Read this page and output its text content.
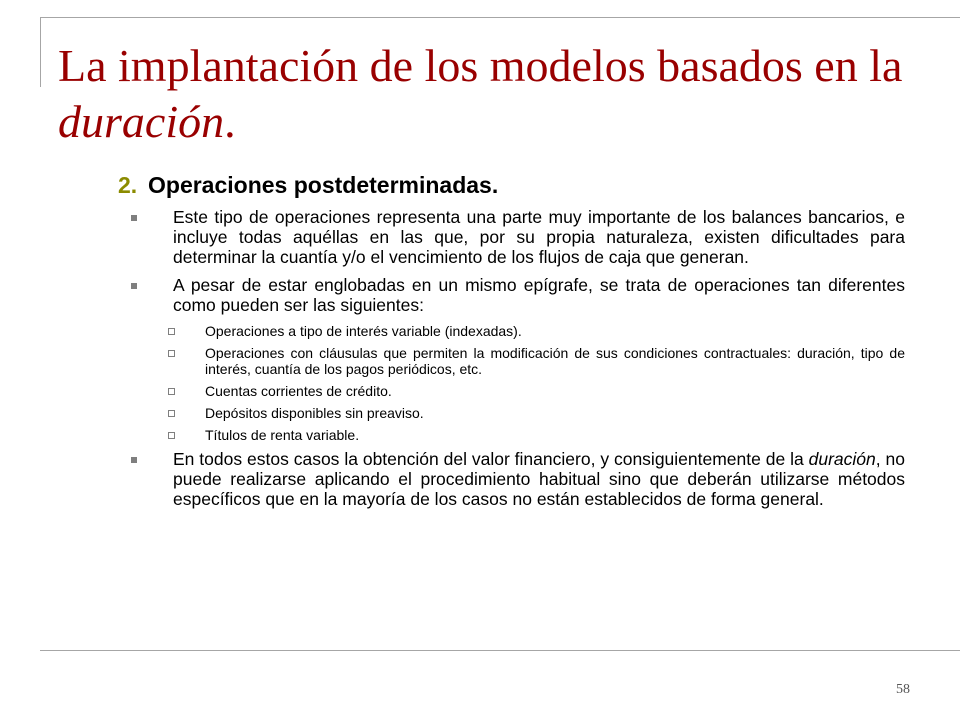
La implantación de los modelos basados en la duración.
2. Operaciones postdeterminadas.
Este tipo de operaciones representa una parte muy importante de los balances bancarios, e incluye todas aquéllas en las que, por su propia naturaleza, existen dificultades para determinar la cuantía y/o el vencimiento de los flujos de caja que generan.
A pesar de estar englobadas en un mismo epígrafe, se trata de operaciones tan diferentes como pueden ser las siguientes:
Operaciones a tipo de interés variable (indexadas).
Operaciones con cláusulas que permiten la modificación de sus condiciones contractuales: duración, tipo de interés, cuantía de los pagos periódicos, etc.
Cuentas corrientes de crédito.
Depósitos disponibles sin preaviso.
Títulos de renta variable.
En todos estos casos la obtención del valor financiero, y consiguientemente de la duración, no puede realizarse aplicando el procedimiento habitual sino que deberán utilizarse métodos específicos que en la mayoría de los casos no están establecidos de forma general.
58
